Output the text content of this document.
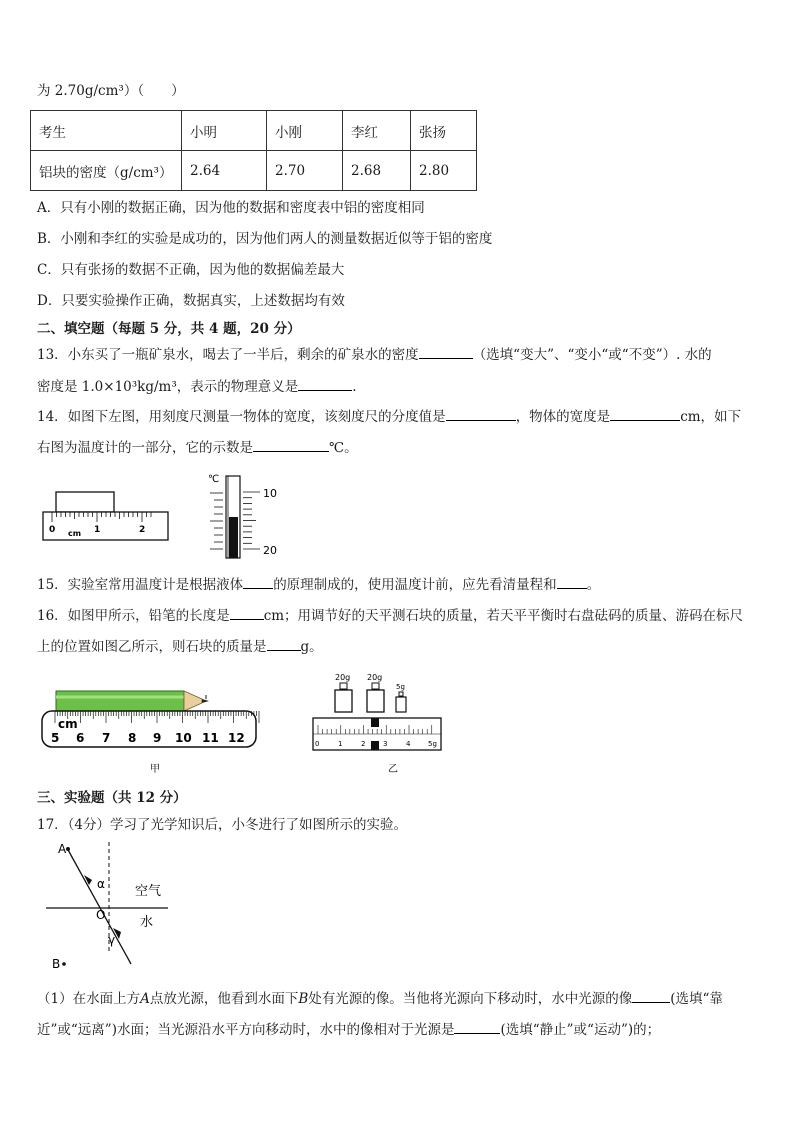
为 2.70g/cm³）（　　）
考生	小明	小刚	李红	张扬
铝块的密度（g/cm³）	2.64	2.70	2.68	2.80
A．只有小刚的数据正确，因为他的数据和密度表中铝的密度相同
B．小刚和李红的实验是成功的，因为他们两人的测量数据近似等于铝的密度
C．只有张扬的数据不正确，因为他的数据偏差最大
D．只要实验操作正确，数据真实，上述数据均有效
二、填空题（每题 5 分，共 4 题，20 分）
13．小东买了一瓶矿泉水，喝去了一半后，剩余的矿泉水的密度	（选填“变大”、“变小“或“不变”）. 水的
密度是 1.0×10³kg/m³，表示的物理意义是	.
14．如图下左图，用刻度尺测量一物体的宽度，该刻度尺的分度值是	，物体的宽度是	cm，如下
右图为温度计的一部分，它的示数是	℃。
0 cm 1	2
℃
10
20
15．实验室常用温度计是根据液体 的原理制成的，使用温度计前，应先看清量程和 。
16．如图甲所示，铅笔的长度是	cm；用调节好的天平测石块的质量，若天平平衡时右盘砝码的质量、游码在标尺
上的位置如图乙所示，则石块的质量是	g。
cm
5 6 7 8 9 10 11 12
甲
20g 20g
5g
0	1	2	3	4	5g
乙
三、实验题（共 12 分）
17．（4分）学习了光学知识后，小冬进行了如图所示的实验。
A
α 空气
O	水
γ
B
（1）在水面上方A点放光源，他看到水面下B处有光源的像。当他将光源向下移动时，水中光源的像	(选填“靠
近”或“远离”)水面；当光源沿水平方向移动时，水中的像相对于光源是	(选填“静止”或“运动”)的；
